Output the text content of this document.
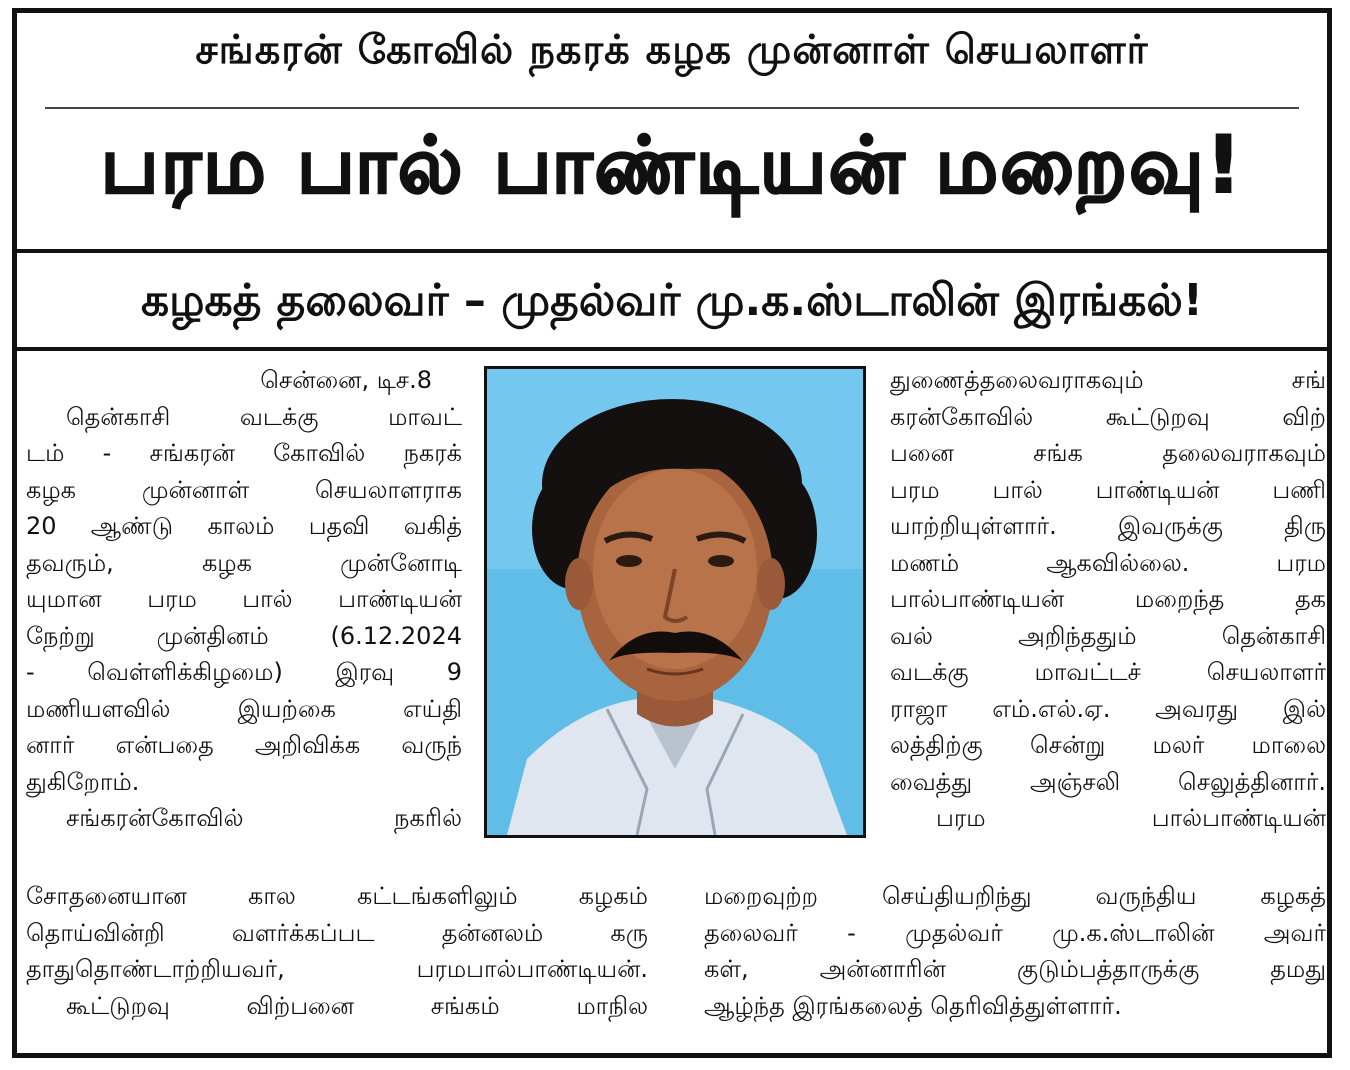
சங்கரன் கோவில் நகரக் கழக முன்னாள் செயலாளர்
பரம பால் பாண்டியன் மறைவு!
கழகத் தலைவர் – முதல்வர் மு.க.ஸ்டாலின் இரங்கல்!
சென்னை, டிச.8
தென்காசி வடக்கு மாவட்
டம் - சங்கரன் கோவில் நகரக்
கழக முன்னாள் செயலாளராக
20 ஆண்டு காலம் பதவி வகித்
தவரும், கழக முன்னோடி
யுமான பரம பால் பாண்டியன்
நேற்று முன்தினம் (6.12.2024
- வெள்ளிக்கிழமை) இரவு 9
மணியளவில் இயற்கை எய்தி
னார் என்பதை அறிவிக்க வருந்
துகிறோம்.
சங்கரன்கோவில் நகரில்
சோதனையான கால கட்டங்களிலும் கழகம்
தொய்வின்றி வளர்க்கப்பட தன்னலம் கரு
தாதுதொண்டாற்றியவர், பரமபால்பாண்டியன்.
கூட்டுறவு விற்பனை சங்கம் மாநில
துணைத்தலைவராகவும் சங்
கரன்கோவில் கூட்டுறவு விற்
பனை சங்க தலைவராகவும்
பரம பால் பாண்டியன் பணி
யாற்றியுள்ளார். இவருக்கு திரு
மணம் ஆகவில்லை. பரம
பால்பாண்டியன் மறைந்த தக
வல் அறிந்ததும் தென்காசி
வடக்கு மாவட்டச் செயலாளர்
ராஜா எம்.எல்.ஏ. அவரது இல்
லத்திற்கு சென்று மலர் மாலை
வைத்து அஞ்சலி செலுத்தினார்.
பரம பால்பாண்டியன்
மறைவுற்ற செய்தியறிந்து வருந்திய கழகத்
தலைவர் - முதல்வர் மு.க.ஸ்டாலின் அவர்
கள், அன்னாரின் குடும்பத்தாருக்கு தமது
ஆழ்ந்த இரங்கலைத் தெரிவித்துள்ளார்.
